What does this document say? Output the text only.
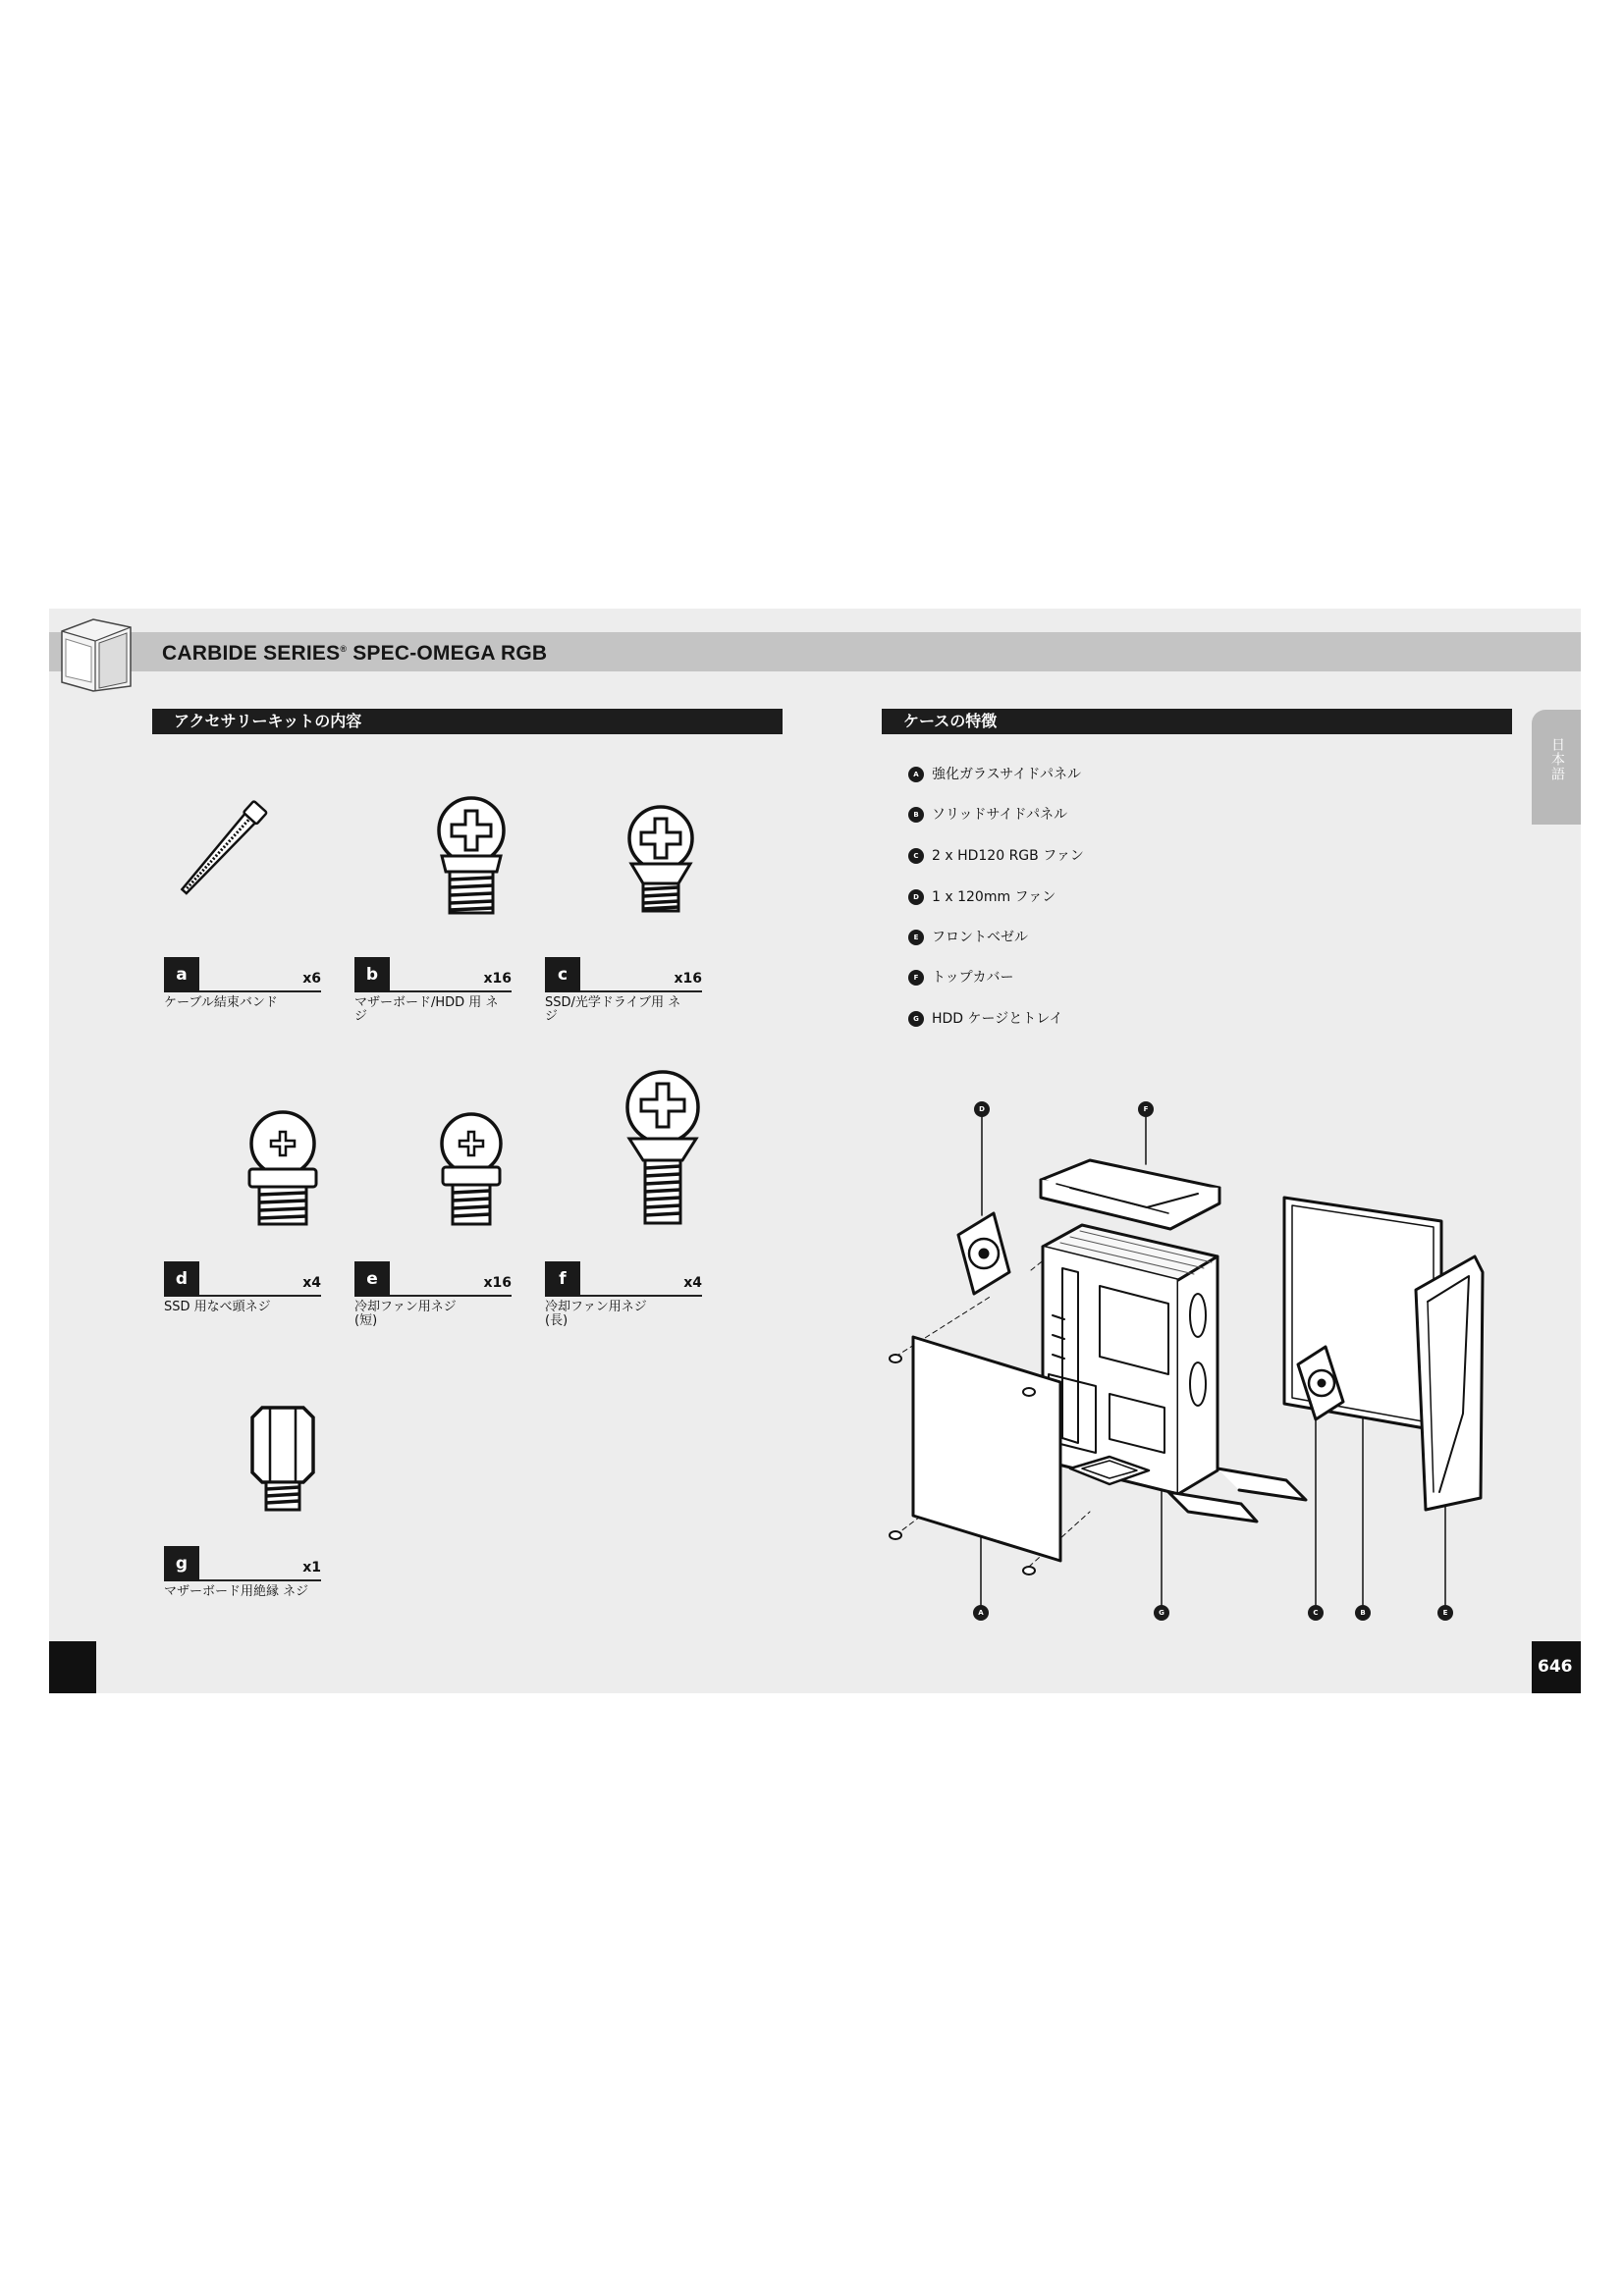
CARBIDE SERIES® SPEC-OMEGA RGB
アクセサリーキットの内容	ケースの特徴
日本語
a	x6
ケーブル結束バンド
b	x16
マザーボード/HDD 用 ネジ
c	x16
SSD/光学ドライブ用 ネジ
d	x4
SSD 用なべ頭ネジ
e	x16
冷却ファン用ネジ (短)
f	x4
冷却ファン用ネジ (長)
g	x1
マザーボード用絶縁 ネジ
A 強化ガラスサイドパネル
B ソリッドサイドパネル
C 2 x HD120 RGB ファン
D 1 x 120mm ファン
E フロントベゼル
F トップカバー
G HDD ケージとトレイ
D	F
A	G	C	B	E
646
